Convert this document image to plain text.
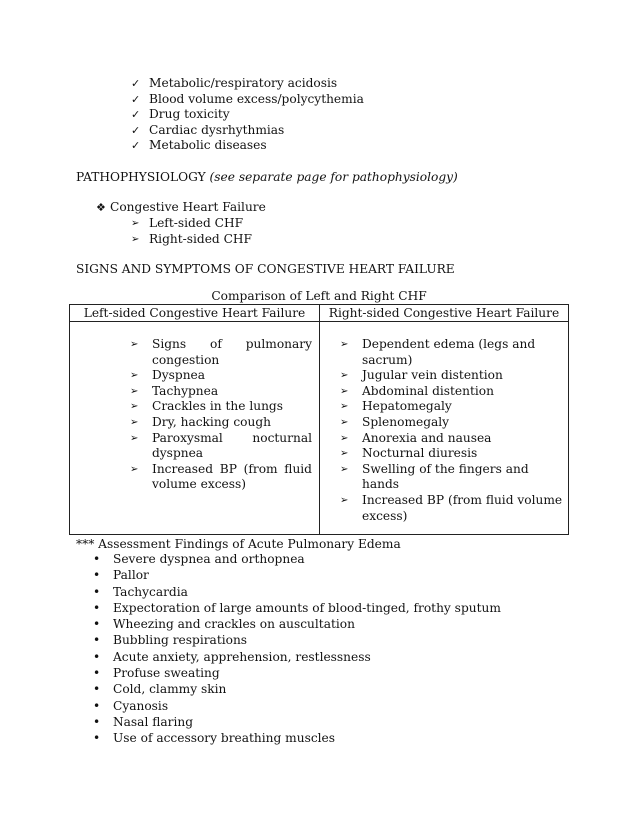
✓ Metabolic/respiratory acidosis
✓ Blood volume excess/polycythemia
✓ Drug toxicity
✓ Cardiac dysrhythmias
✓ Metabolic diseases
PATHOPHYSIOLOGY (see separate page for pathophysiology)
❖ Congestive Heart Failure
➢ Left-sided CHF
➢ Right-sided CHF
SIGNS AND SYMPTOMS OF CONGESTIVE HEART FAILURE
Comparison of Left and Right CHF
Left-sided Congestive Heart Failure	Right-sided Congestive Heart Failure
➢ Signs of pulmonary congestion
➢ Dyspnea
➢ Tachypnea
➢ Crackles in the lungs
➢ Dry, hacking cough
➢ Paroxysmal nocturnal dyspnea
➢ Increased BP (from fluid volume excess)
➢ Dependent edema (legs and sacrum)
➢ Jugular vein distention
➢ Abdominal distention
➢ Hepatomegaly
➢ Splenomegaly
➢ Anorexia and nausea
➢ Nocturnal diuresis
➢ Swelling of the fingers and hands
➢ Increased BP (from fluid volume excess)
*** Assessment Findings of Acute Pulmonary Edema
• Severe dyspnea and orthopnea
• Pallor
• Tachycardia
• Expectoration of large amounts of blood-tinged, frothy sputum
• Wheezing and crackles on auscultation
• Bubbling respirations
• Acute anxiety, apprehension, restlessness
• Profuse sweating
• Cold, clammy skin
• Cyanosis
• Nasal flaring
• Use of accessory breathing muscles
